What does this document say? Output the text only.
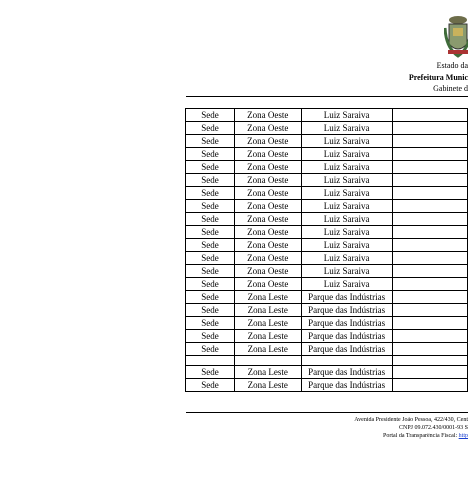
Estado da
Prefeitura Munic
Gabinete d
Sede	Zona Oeste	Luiz Saraiva	
Sede	Zona Oeste	Luiz Saraiva	
Sede	Zona Oeste	Luiz Saraiva	
Sede	Zona Oeste	Luiz Saraiva	
Sede	Zona Oeste	Luiz Saraiva	
Sede	Zona Oeste	Luiz Saraiva	
Sede	Zona Oeste	Luiz Saraiva	
Sede	Zona Oeste	Luiz Saraiva	
Sede	Zona Oeste	Luiz Saraiva	
Sede	Zona Oeste	Luiz Saraiva	
Sede	Zona Oeste	Luiz Saraiva	
Sede	Zona Oeste	Luiz Saraiva	
Sede	Zona Oeste	Luiz Saraiva	
Sede	Zona Oeste	Luiz Saraiva	
Sede	Zona Leste	Parque das Indústrias	
Sede	Zona Leste	Parque das Indústrias	
Sede	Zona Leste	Parque das Indústrias	
Sede	Zona Leste	Parque das Indústrias	
Sede	Zona Leste	Parque das Indústrias	

Sede	Zona Leste	Parque das Indústrias	
Sede	Zona Leste	Parque das Indústrias	
Avenida Presidente João Pessoa, 422/430, Cent
CNPJ 09.072.430/0001-93 S
Portal da Transparência Fiscal: http
